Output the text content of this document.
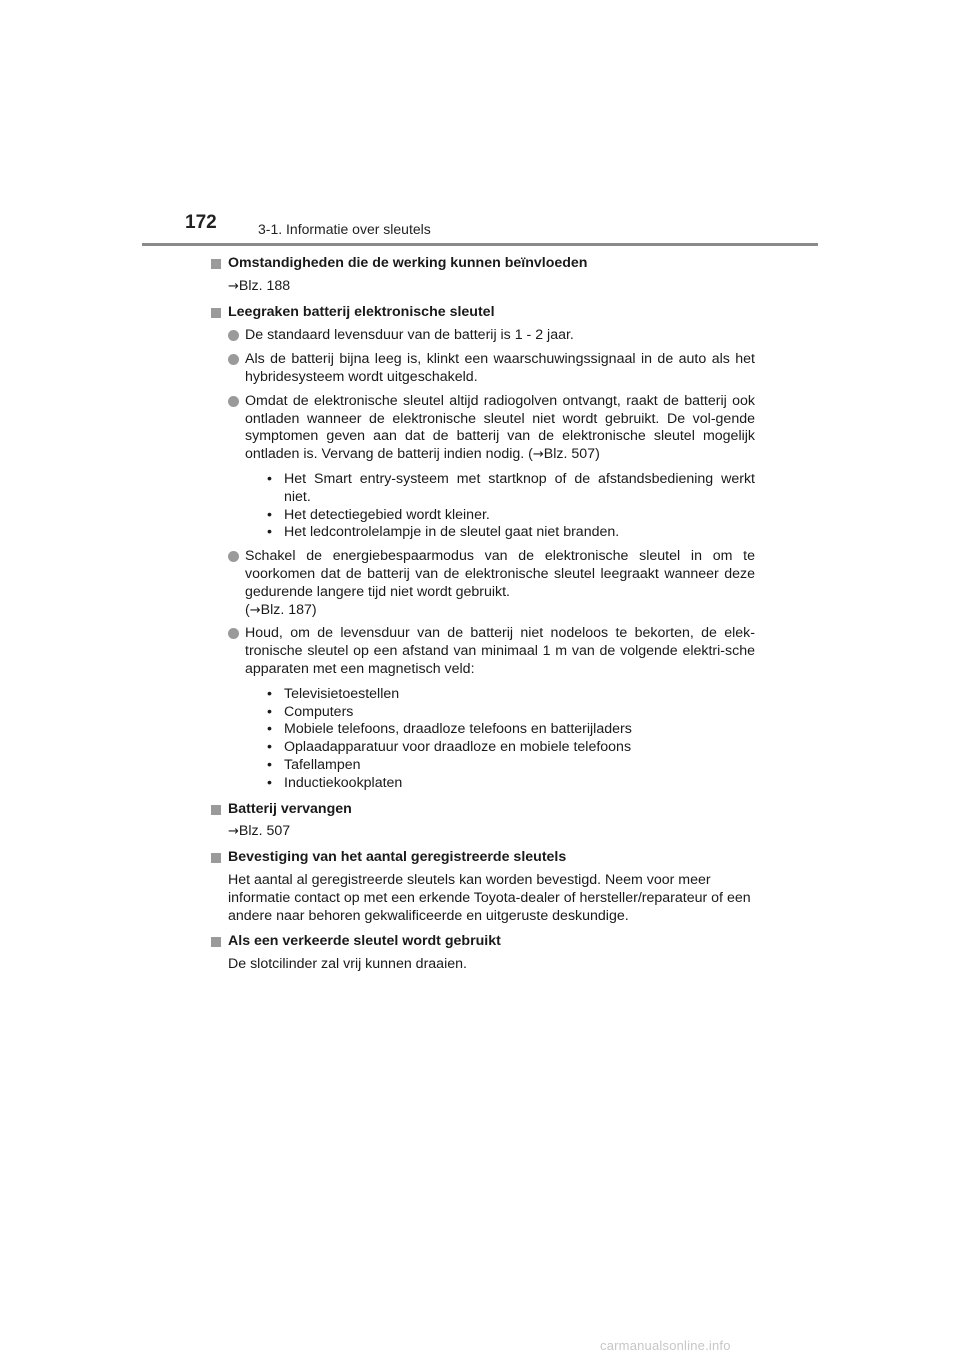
172	3-1. Informatie over sleutels
Omstandigheden die de werking kunnen beïnvloeden
→Blz. 188
Leegraken batterij elektronische sleutel
De standaard levensduur van de batterij is 1 - 2 jaar.
Als de batterij bijna leeg is, klinkt een waarschuwingssignaal in de auto als het hybridesysteem wordt uitgeschakeld.
Omdat de elektronische sleutel altijd radiogolven ontvangt, raakt de batterij ook ontladen wanneer de elektronische sleutel niet wordt gebruikt. De vol-gende symptomen geven aan dat de batterij van de elektronische sleutel mogelijk ontladen is. Vervang de batterij indien nodig. (→Blz. 507)
• Het Smart entry-systeem met startknop of de afstandsbediening werkt
niet.
• Het detectiegebied wordt kleiner.
• Het ledcontrolelampje in de sleutel gaat niet branden.
Schakel de energiebespaarmodus van de elektronische sleutel in om te voorkomen dat de batterij van de elektronische sleutel leegraakt wanneer deze gedurende langere tijd niet wordt gebruikt.
(→Blz. 187)
Houd, om de levensduur van de batterij niet nodeloos te bekorten, de elek-tronische sleutel op een afstand van minimaal 1 m van de volgende elektri-sche apparaten met een magnetisch veld:
• Televisietoestellen
• Computers
• Mobiele telefoons, draadloze telefoons en batterijladers
• Oplaadapparatuur voor draadloze en mobiele telefoons
• Tafellampen
• Inductiekookplaten
Batterij vervangen
→Blz. 507
Bevestiging van het aantal geregistreerde sleutels
Het aantal al geregistreerde sleutels kan worden bevestigd. Neem voor meer informatie contact op met een erkende Toyota-dealer of hersteller/reparateur of een andere naar behoren gekwalificeerde en uitgeruste deskundige.
Als een verkeerde sleutel wordt gebruikt
De slotcilinder zal vrij kunnen draaien.
carmanualsonline.info
